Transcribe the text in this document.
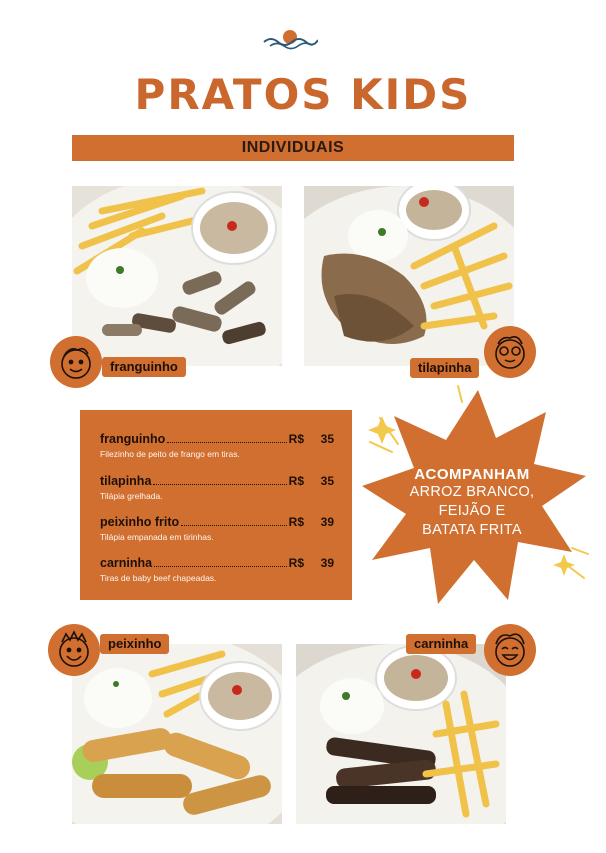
PRATOS KIDS
INDIVIDUAIS
franguinho	tilapinha
franguinho	R$	35
Filezinho de peito de frango em tiras.
tilapinha	R$	35
Tilápia grelhada.
peixinho frito	R$	39
Tilápia empanada em tirinhas.
carninha	R$	39
Tiras de baby beef chapeadas.
ACOMPANHAM
ARROZ BRANCO,
FEIJÃO E
BATATA FRITA
peixinho	carninha
